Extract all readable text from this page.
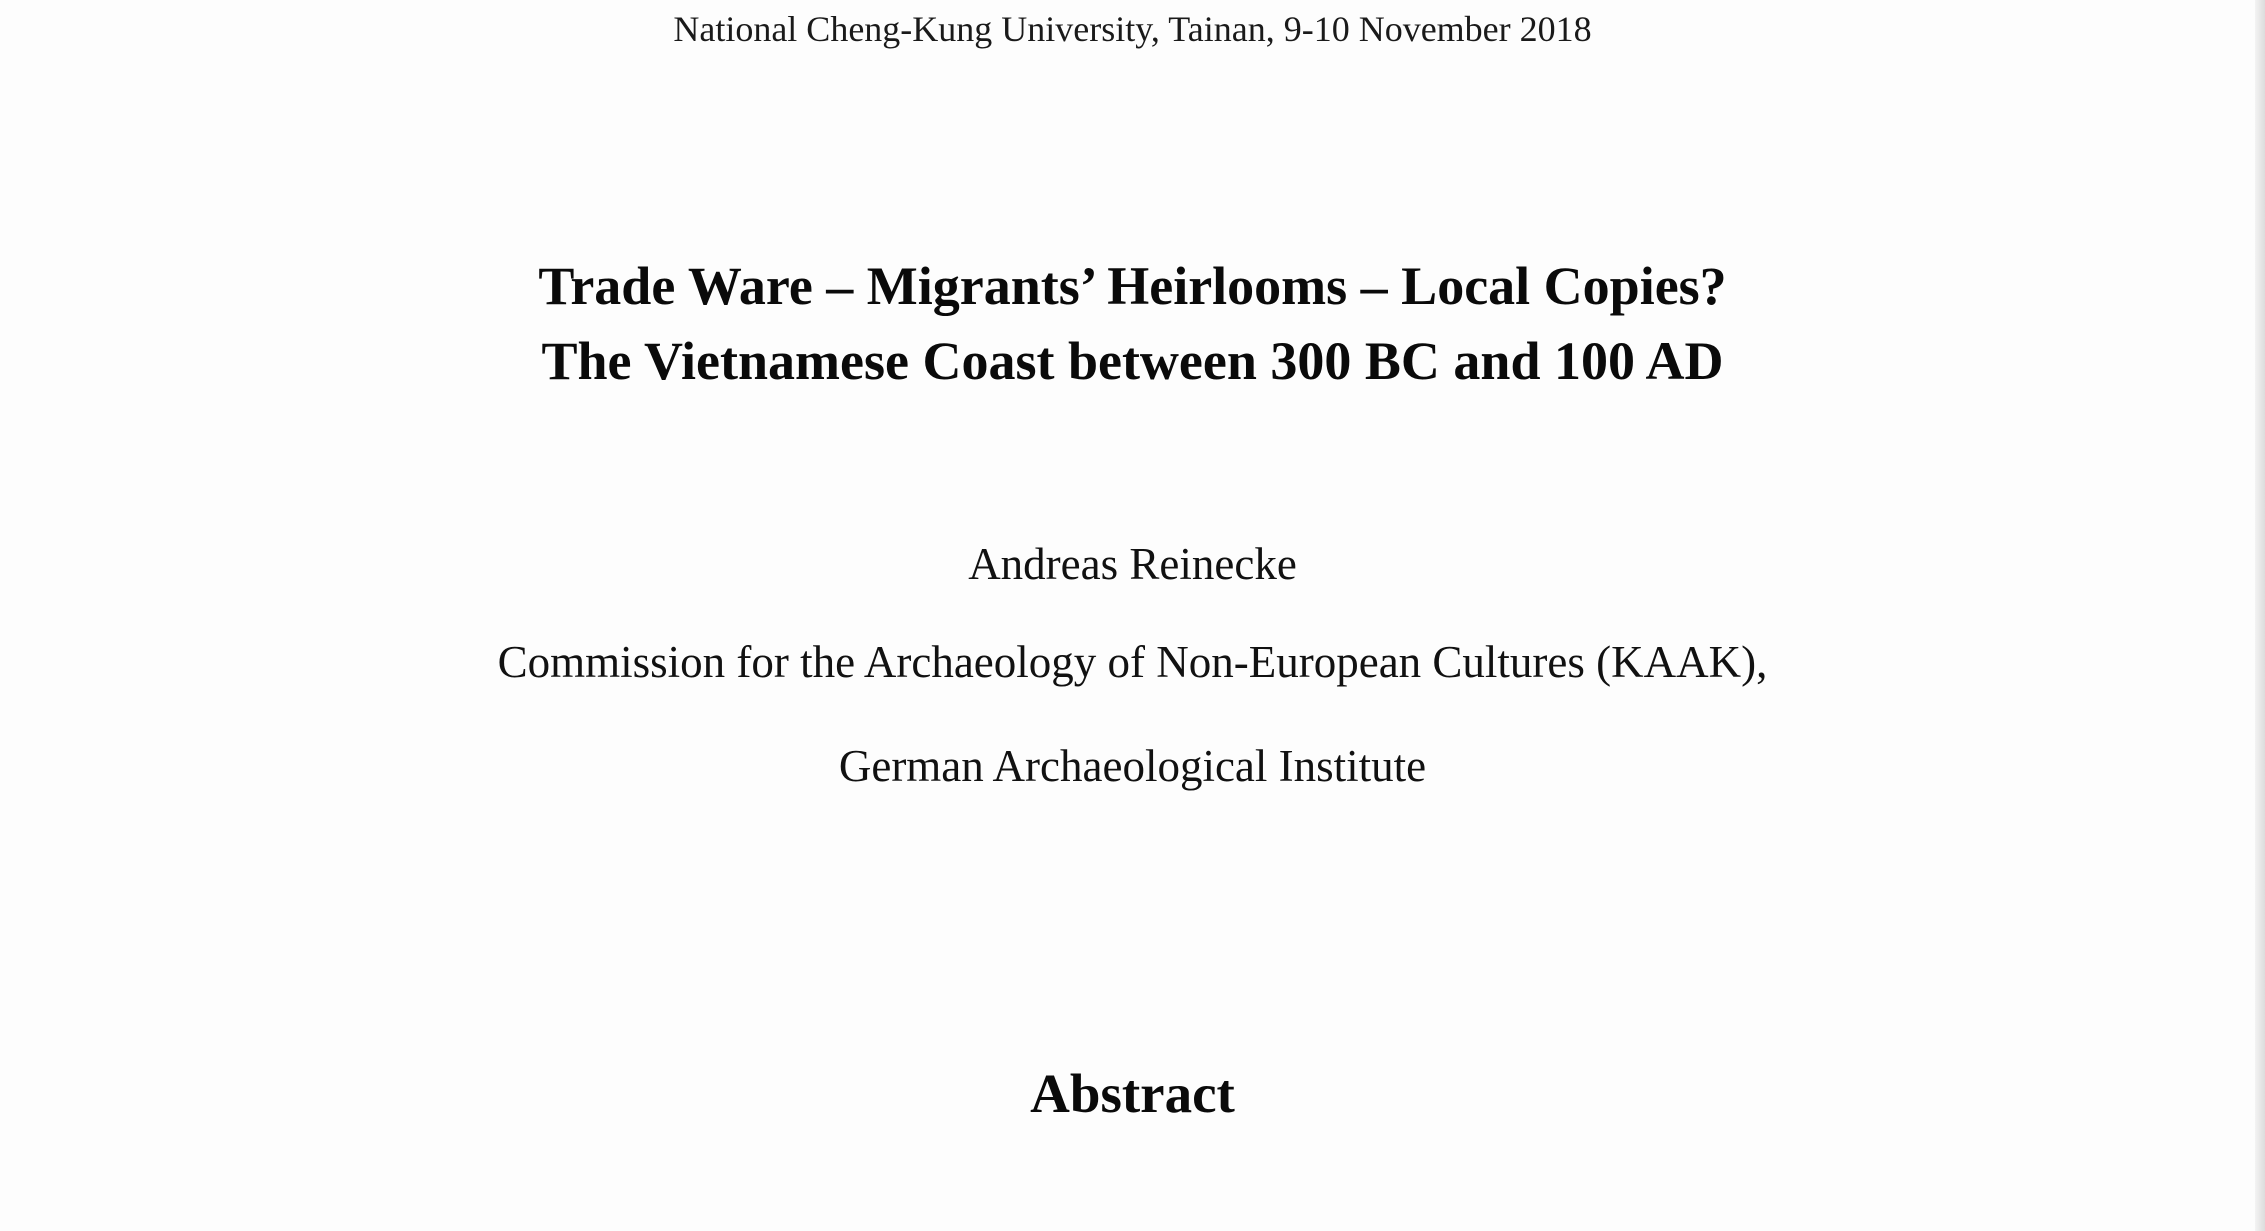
National Cheng-Kung University, Tainan, 9-10 November 2018

Trade Ware – Migrants’ Heirlooms – Local Copies?
The Vietnamese Coast between 300 BC and 100 AD

Andreas Reinecke

Commission for the Archaeology of Non-European Cultures (KAAK),

German Archaeological Institute

Abstract
